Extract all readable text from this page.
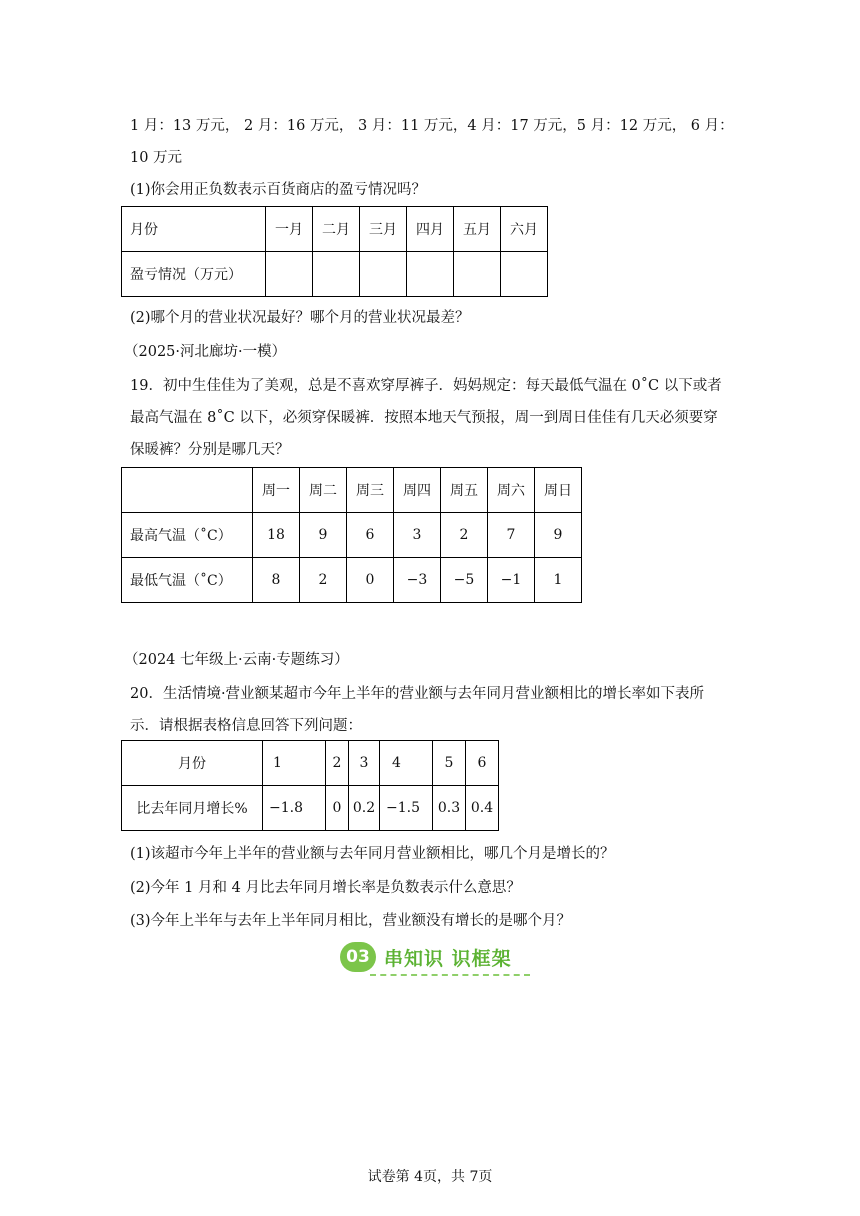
1 月：13 万元， 2 月：16 万元， 3 月：11 万元，4 月：17 万元，5 月：12 万元， 6 月：
10 万元
(1)你会用正负数表示百货商店的盈亏情况吗？
月份	一月	二月	三月	四月	五月	六月
盈亏情况（万元）						
(2)哪个月的营业状况最好？哪个月的营业状况最差？
（2025·河北廊坊·一模）
19．初中生佳佳为了美观，总是不喜欢穿厚裤子．妈妈规定：每天最低气温在 0˚C 以下或者
最高气温在 8˚C 以下，必须穿保暖裤．按照本地天气预报，周一到周日佳佳有几天必须要穿
保暖裤？分别是哪几天？
	周一	周二	周三	周四	周五	周六	周日
最高气温（˚C）	18	9	6	3	2	7	9
最低气温（˚C）	8	2	0	−3	−5	−1	1
（2024 七年级上·云南·专题练习）
20．生活情境·营业额某超市今年上半年的营业额与去年同月营业额相比的增长率如下表所
示．请根据表格信息回答下列问题：
月份	1	2	3	4	5	6
比去年同月增长%	−1.8	0	0.2	−1.5	0.3	0.4
(1)该超市今年上半年的营业额与去年同月营业额相比，哪几个月是增长的？
(2)今年 1 月和 4 月比去年同月增长率是负数表示什么意思？
(3)今年上半年与去年上半年同月相比，营业额没有增长的是哪个月？
03 串知识 识框架
试卷第 4页，共 7页
